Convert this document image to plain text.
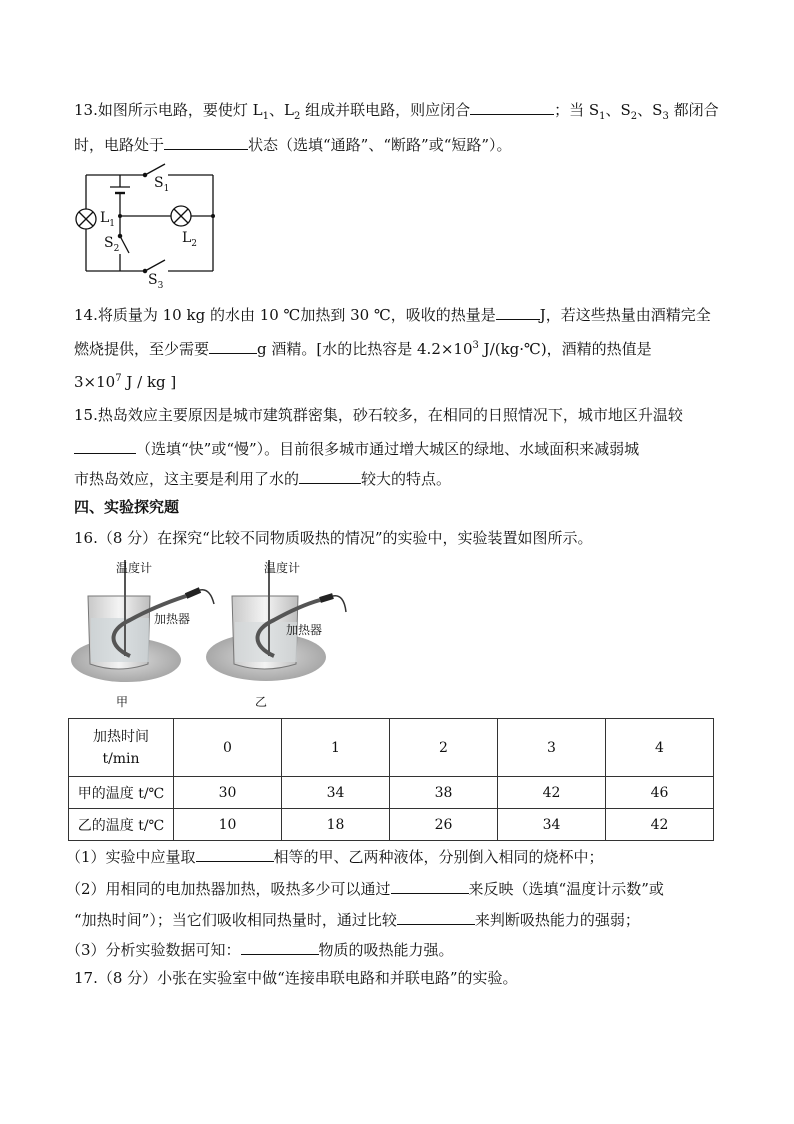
13.如图所示电路，要使灯 $L_1$、$L_2$ 组成并联电路，则应闭合	；当 $S_1$、$S_2$、$S_3$ 都闭合
时，电路处于	状态（选填“通路”、“断路”或“短路”）。
$S_1$
$L_1$
$S_2$
$L_2$
$S_3$
14.将质量为 10 kg 的水由 10 ℃加热到 30 ℃，吸收的热量是	J，若这些热量由酒精完全
燃烧提供，至少需要	g 酒精。[水的比热容是 $4.2\times 10^3$ J/(kg·℃)，酒精的热值是
$3\times 10^7$ J / kg ]
15.热岛效应主要原因是城市建筑群密集，砂石较多，在相同的日照情况下，城市地区升温较
（选填“快”或“慢”）。目前很多城市通过增大城区的绿地、水域面积来减弱城
市热岛效应，这主要是利用了水的	较大的特点。
四、实验探究题
16.（8 分）在探究“比较不同物质吸热的情况”的实验中，实验装置如图所示。
温度计
加热器
温度计
加热器
甲	乙
加热时间
t/min	0	1	2	3	4
甲的温度 t/℃	30	34	38	42	46
乙的温度 t/℃	10	18	26	34	42
（1）实验中应量取	相等的甲、乙两种液体，分别倒入相同的烧杯中；
（2）用相同的电加热器加热，吸热多少可以通过	来反映（选填“温度计示数”或
“加热时间”）；当它们吸收相同热量时，通过比较	来判断吸热能力的强弱；
（3）分析实验数据可知：	物质的吸热能力强。
17.（8 分）小张在实验室中做“连接串联电路和并联电路”的实验。
